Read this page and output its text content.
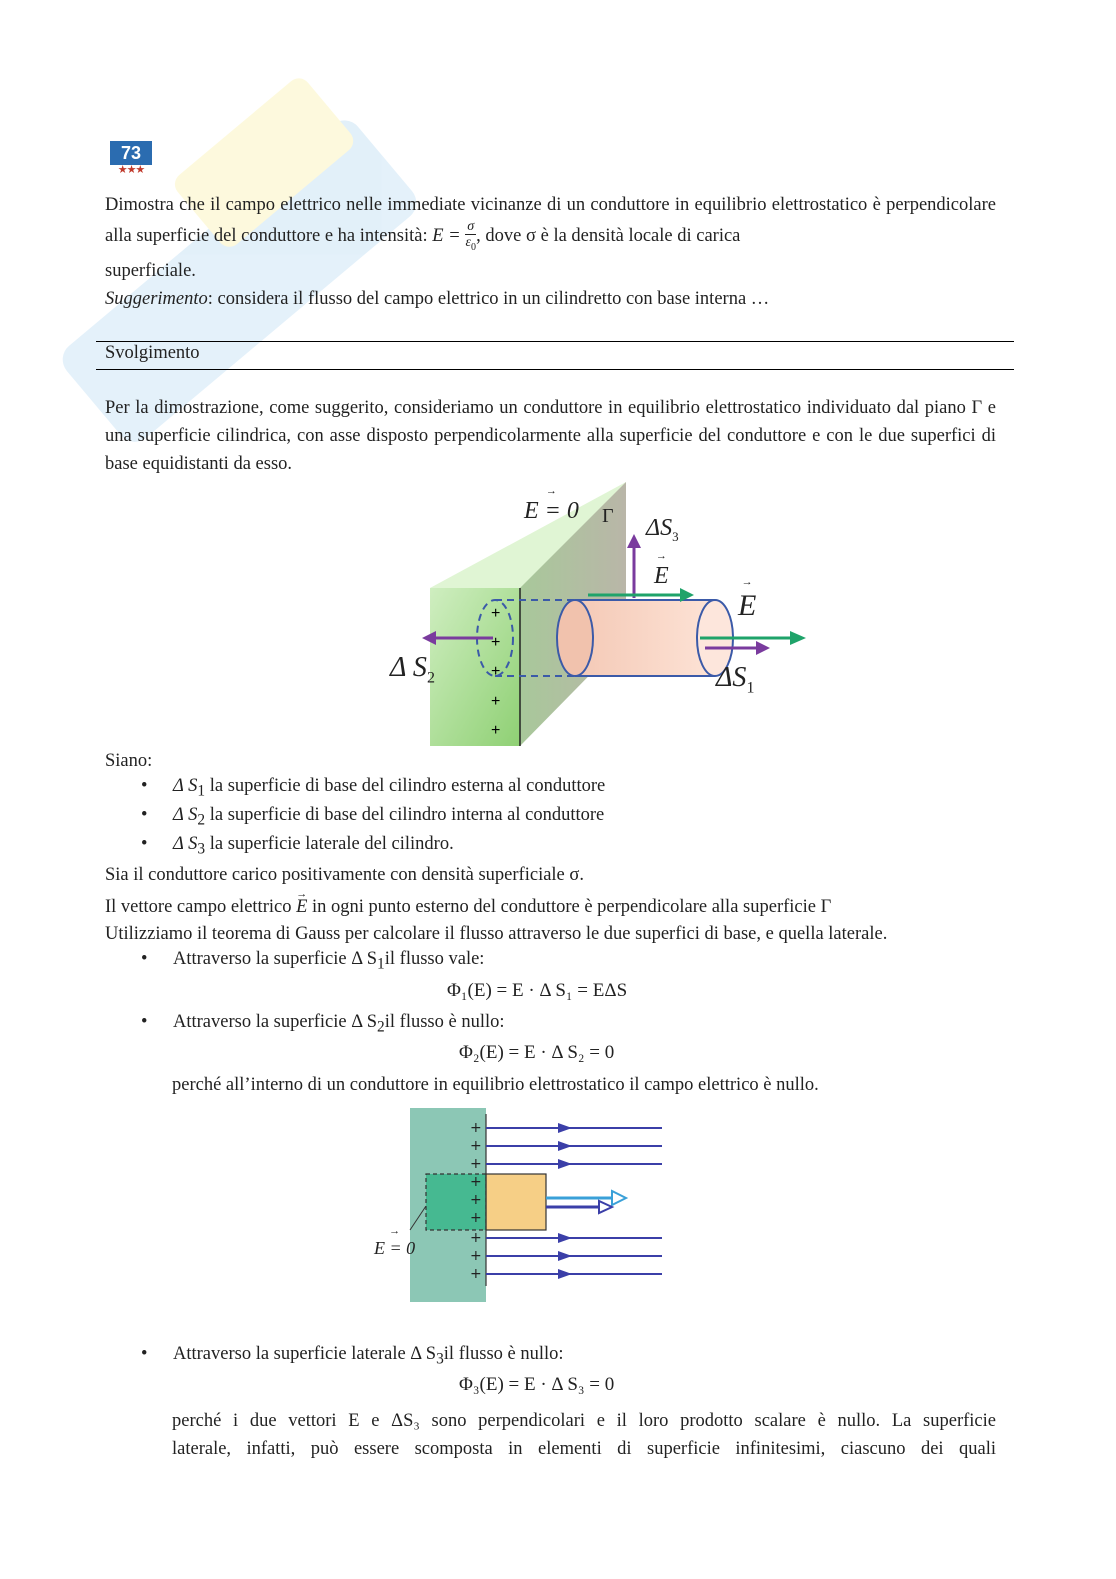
73
★★★
Dimostra che il campo elettrico nelle immediate vicinanze di un conduttore in equilibrio elettrostatico è perpendicolare alla superficie del conduttore e ha intensità: $E = \frac{\sigma}{\varepsilon_0}$ , dove σ è la densità locale di carica
superficiale.
Suggerimento: considera il flusso del campo elettrico in un cilindretto con base interna …
Svolgimento
Per la dimostrazione, come suggerito, consideriamo un conduttore in equilibrio elettrostatico individuato dal piano Γ e una superficie cilindrica, con asse disposto perpendicolarmente alla superficie del conduttore e con le due superfici di base equidistanti da esso.
+
+
+
+
+
E = 0 → Γ $\Delta S_3$
E →
E →
Δ $S_2$	$\Delta S_1$
Siano:
• Δ $S_1$ la superficie di base del cilindro esterna al conduttore
• Δ $S_2$ la superficie di base del cilindro interna al conduttore
• Δ $S_3$ la superficie laterale del cilindro.
Sia il conduttore carico positivamente con densità superficiale σ.
Il vettore campo elettrico E → in ogni punto esterno del conduttore è perpendicolare alla superficie Γ
Utilizziamo il teorema di Gauss per calcolare il flusso attraverso le due superfici di base, e quella laterale.
• Attraverso la superficie Δ $S_1il$ flusso vale:
Φ₁(E) = E · Δ S₁ = EΔS
• Attraverso la superficie Δ $S_2il$ flusso è nullo:
Φ₂(E) = E · Δ S₂ = 0
perché all’interno di un conduttore in equilibrio elettrostatico il campo elettrico è nullo.
+
+
+
+
+
+
+
+
+
E = 0 →
• Attraverso la superficie laterale Δ $S_3il$ flusso è nullo:
Φ₃(E) = E · Δ S₃ = 0
perché i due vettori E e ΔS₃ sono perpendicolari e il loro prodotto scalare è nullo. La superficie
laterale, infatti, può essere scomposta in elementi di superficie infinitesimi, ciascuno dei quali
